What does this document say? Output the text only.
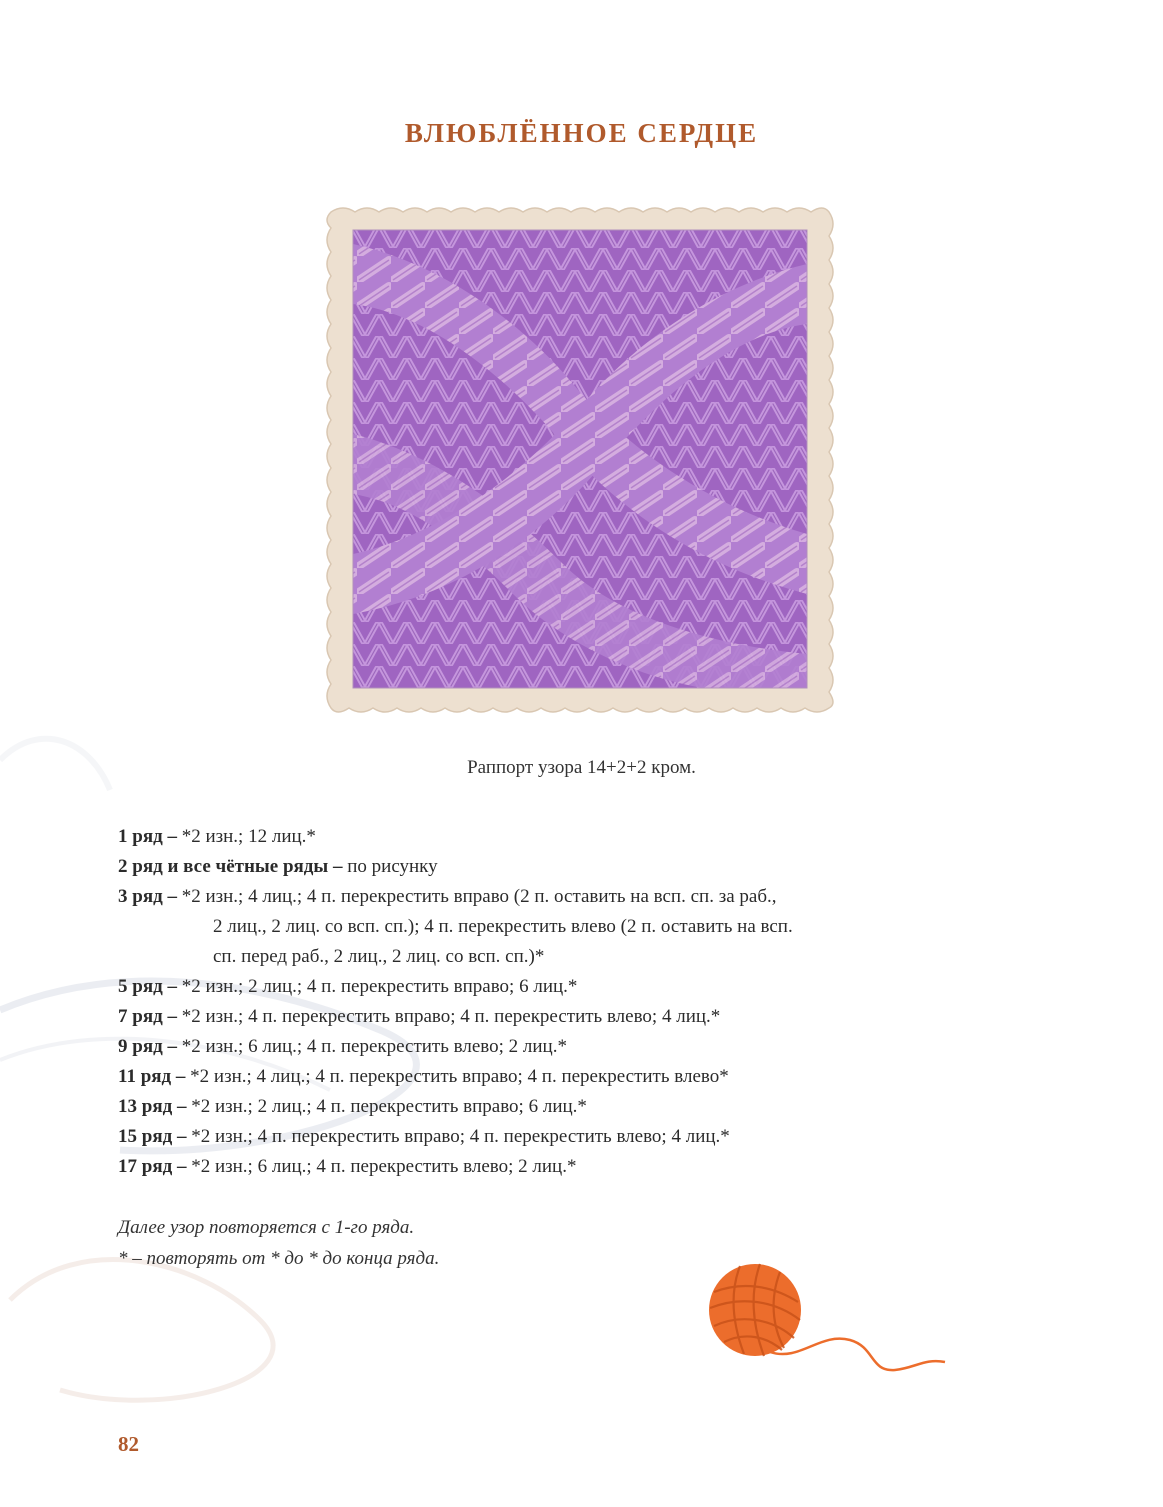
ВЛЮБЛЁННОЕ СЕРДЦЕ
Раппорт узора 14+2+2 кром.
1 ряд – *2 изн.; 12 лиц.*
2 ряд и все чётные ряды – по рисунку
3 ряд – *2 изн.; 4 лиц.; 4 п. перекрестить вправо (2 п. оставить на всп. сп. за раб.,
2 лиц., 2 лиц. со всп. сп.); 4 п. перекрестить влево (2 п. оставить на всп.
сп. перед раб., 2 лиц., 2 лиц. со всп. сп.)*
5 ряд – *2 изн.; 2 лиц.; 4 п. перекрестить вправо; 6 лиц.*
7 ряд – *2 изн.; 4 п. перекрестить вправо; 4 п. перекрестить влево; 4 лиц.*
9 ряд – *2 изн.; 6 лиц.; 4 п. перекрестить влево; 2 лиц.*
11 ряд – *2 изн.; 4 лиц.; 4 п. перекрестить вправо; 4 п. перекрестить влево*
13 ряд – *2 изн.; 2 лиц.; 4 п. перекрестить вправо; 6 лиц.*
15 ряд – *2 изн.; 4 п. перекрестить вправо; 4 п. перекрестить влево; 4 лиц.*
17 ряд – *2 изн.; 6 лиц.; 4 п. перекрестить влево; 2 лиц.*
Далее узор повторяется с 1-го ряда.
* – повторять от * до * до конца ряда.
82
